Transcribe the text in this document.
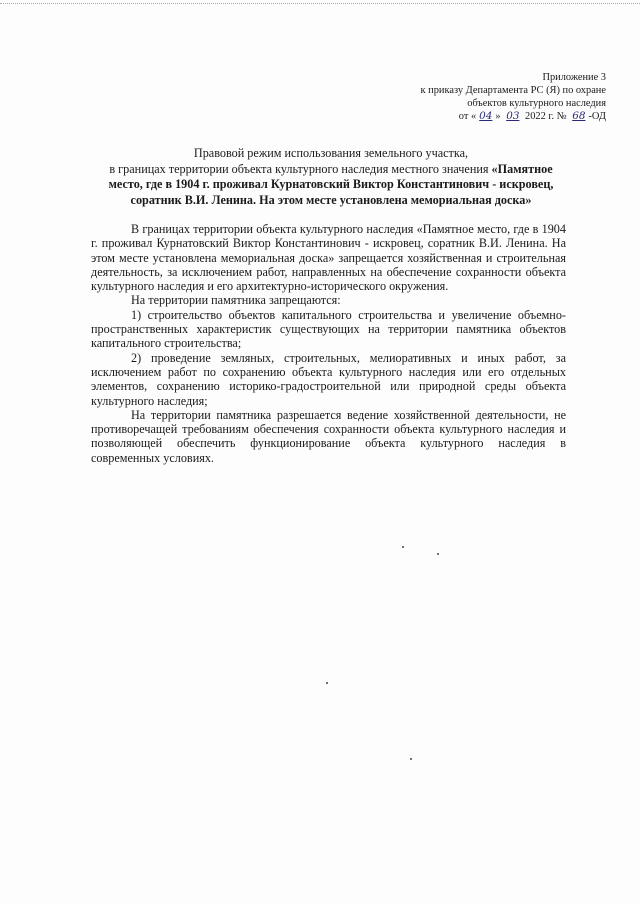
Приложение 3
к приказу Департамента РС (Я) по охране
объектов культурного наследия
от « 04 » 03 2022 г. № 68 -ОД
Правовой режим использования земельного участка,
в границах территории объекта культурного наследия местного значения «Памятное место, где в 1904 г. проживал Курнатовский Виктор Константинович - искровец, соратник В.И. Ленина. На этом месте установлена мемориальная доска»

В границах территории объекта культурного наследия «Памятное место, где в 1904 г. проживал Курнатовский Виктор Константинович - искровец, соратник В.И. Ленина. На этом месте установлена мемориальная доска» запрещается хозяйственная и строительная деятельность, за исключением работ, направленных на обеспечение сохранности объекта культурного наследия и его архитектурно-исторического окружения.

На территории памятника запрещаются:

1) строительство объектов капитального строительства и увеличение объемно-пространственных характеристик существующих на территории памятника объектов капитального строительства;

2) проведение земляных, строительных, мелиоративных и иных работ, за исключением работ по сохранению объекта культурного наследия или его отдельных элементов, сохранению историко-градостроительной или природной среды объекта культурного наследия;

На территории памятника разрешается ведение хозяйственной деятельности, не противоречащей требованиям обеспечения сохранности объекта культурного наследия и позволяющей обеспечить функционирование объекта культурного наследия в современных условиях.
